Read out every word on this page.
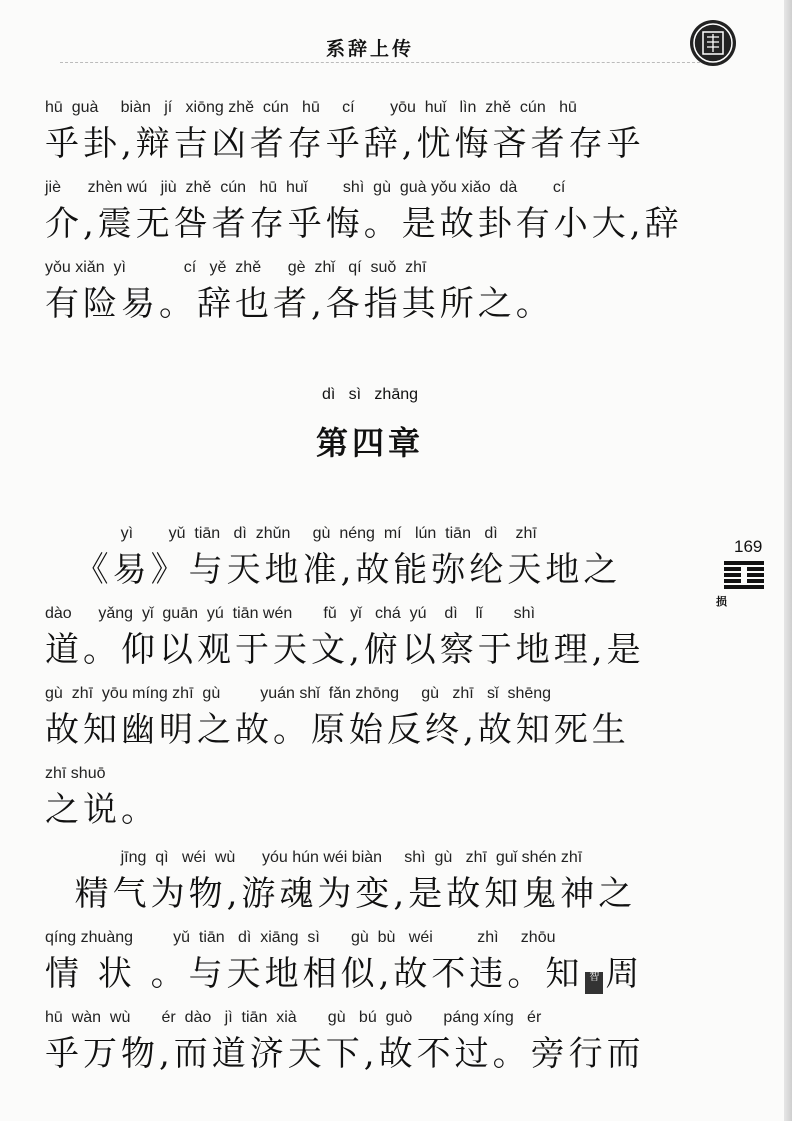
系辞上传
hū  guà     biàn   jí   xiōng zhě  cún   hū     cí        yōu  huǐ   lìn  zhě  cún   hū
乎卦,辩吉凶者存乎辞,忧悔吝者存乎
jiè      zhèn wú   jiù  zhě  cún   hū  huǐ        shì  gù  guà yǒu xiǎo  dà        cí
介,震无咎者存乎悔。是故卦有小大,辞
yǒu xiǎn  yì             cí   yě  zhě      gè  zhǐ   qí  suǒ  zhī
有险易。辞也者,各指其所之。
dì   sì   zhāng
第四章
169
损
yì        yǔ  tiān   dì  zhǔn     gù  néng  mí   lún  tiān   dì    zhī
《易》与天地准,故能弥纶天地之
dào      yǎng  yǐ  guān  yú  tiān wén       fǔ   yǐ   chá  yú    dì    lǐ       shì
道。仰以观于天文,俯以察于地理,是
gù  zhī  yōu míng zhī  gù         yuán shǐ  fǎn zhōng     gù   zhī   sǐ  shēng
故知幽明之故。原始反终,故知死生
zhī shuō
之说。
jīng  qì   wéi  wù      yóu hún wéi biàn     shì  gù   zhī  guǐ shén zhī
精气为物,游魂为变,是故知鬼神之
qíng zhuàng         yǔ  tiān   dì  xiāng  sì       gù  bù   wéi          zhì     zhōu
情 状 。与天地相似,故不违。知 智 周
hū  wàn  wù       ér  dào   jì  tiān  xià       gù   bú  guò       páng xíng   ér
乎万物,而道济天下,故不过。旁行而
